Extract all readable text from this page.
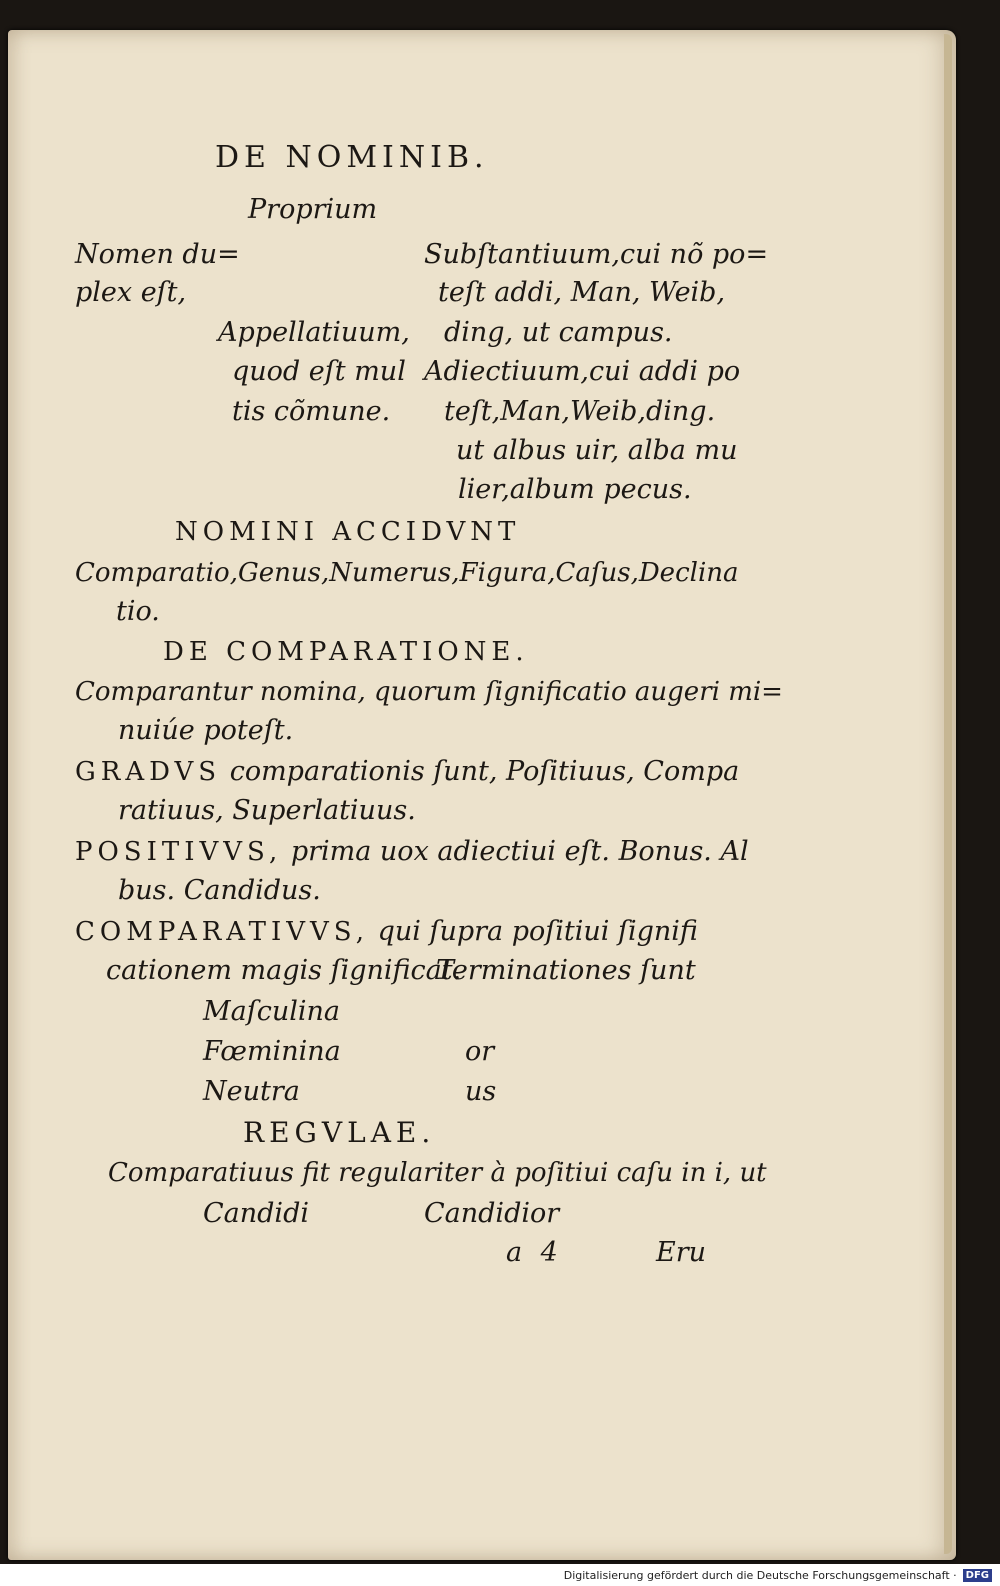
DE NOMINIB.
Proprium
Nomen du=
plex eſt,
Appellatiuum,
quod eſt mul
tis cõmune.
Subſtantiuum,cui nõ po=
teſt addi, Man, Weib,
ding, ut campus.
Adiectiuum,cui addi po
teſt,Man,Weib,ding.
ut albus uir, alba mu
lier,album pecus.
NOMINI ACCIDVNT
Comparatio,Genus,Numerus,Figura,Caſus,Declina
tio.
DE COMPARATIONE.
Comparantur nomina, quorum ſignificatio augeri mi=
nuiúe poteſt.
GRADVS comparationis ſunt, Poſitiuus, Compa
ratiuus, Superlatiuus.
POSITIVVS, prima uox adiectiui eſt. Bonus. Al
bus. Candidus.
COMPARATIVVS, qui ſupra poſitiui ſignifi
cationem magis ſignificat.
Terminationes ſunt
Maſculina
Fœminina	or
Neutra	us
REGVLAE.
Comparatiuus fit regulariter à poſitiui caſu in i, ut
Candidi	Candidior
a 4	Eru
Digitalisierung gefördert durch die Deutsche Forschungsgemeinschaft · DFG
